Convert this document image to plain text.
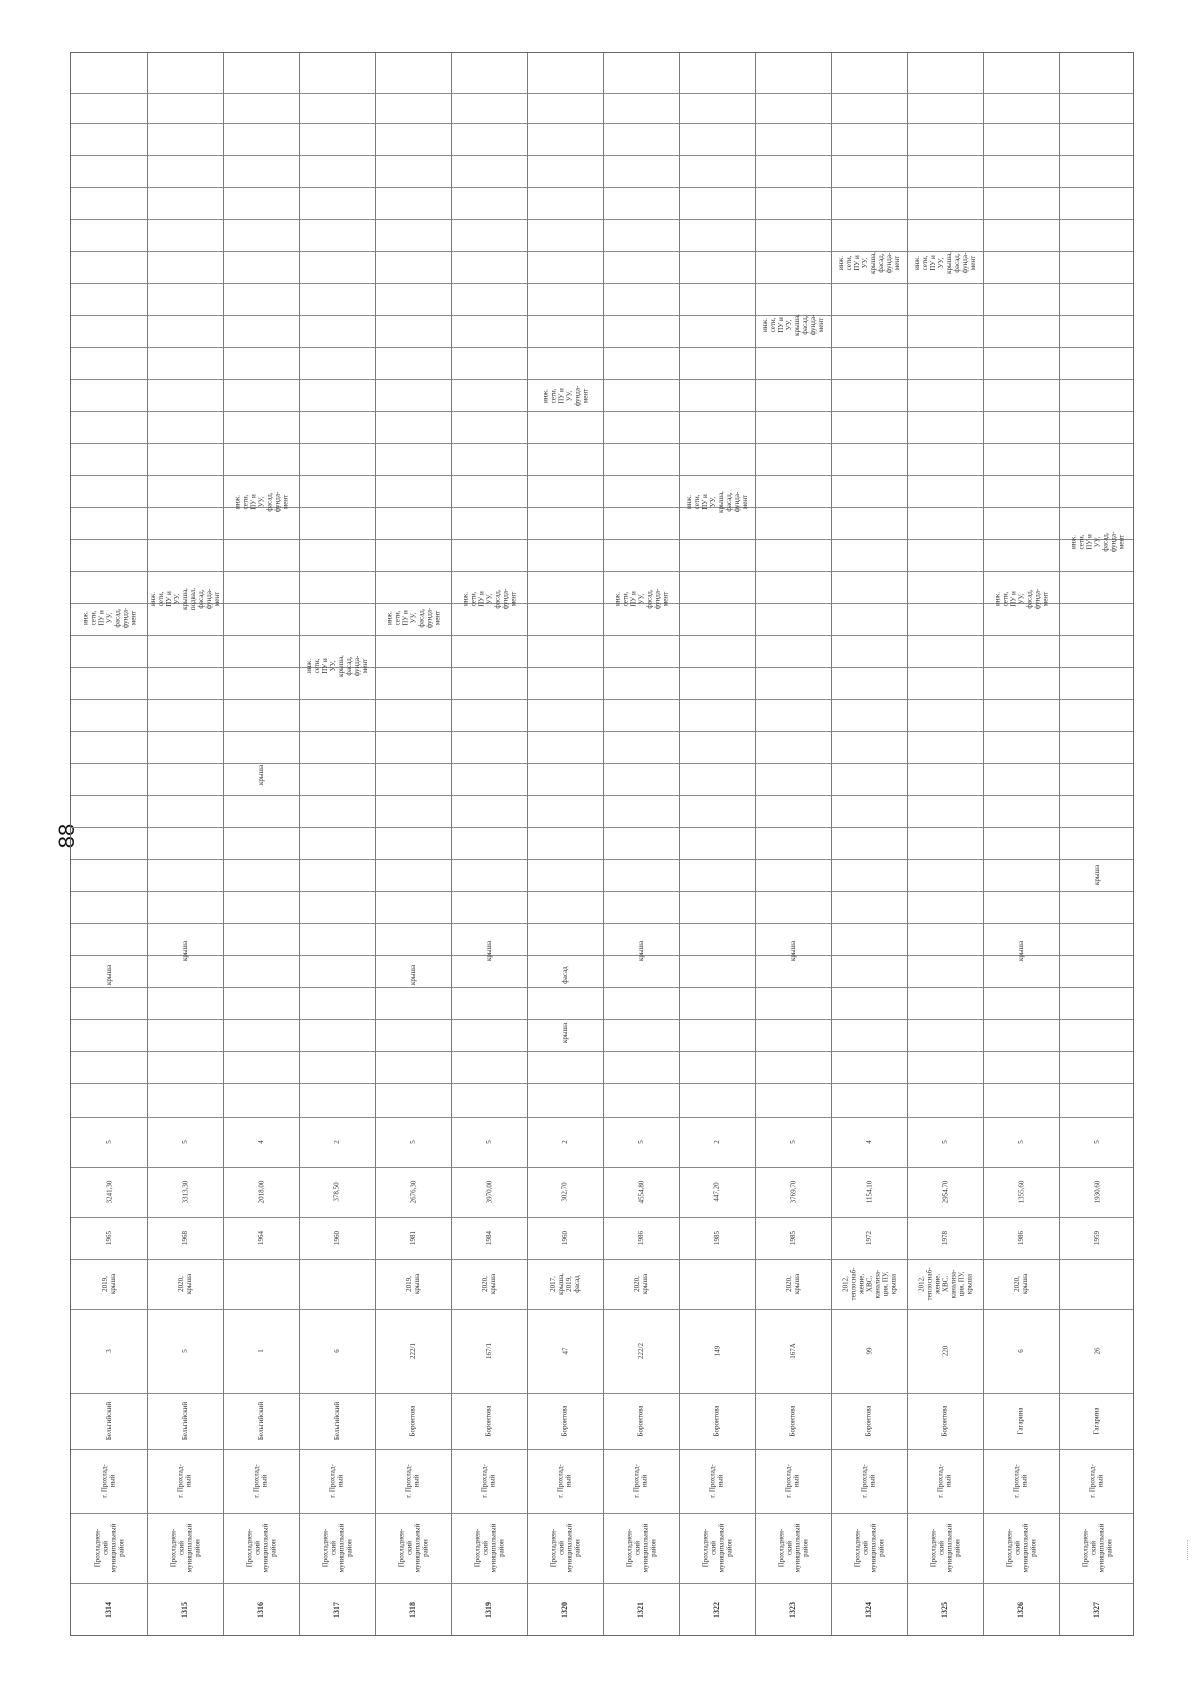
88
1314
Прохладнен-
ский
муниципальный
район
г. Прохлад-
ный
Бельгийский
3
2019,
крыша
1965
3241,30
5
крыша
инж.
сети,
ПУ и
УУ,
фасад,
фунда-
мент
1315
Прохладнен-
ский
муниципальный
район
г. Прохлад-
ный
Бельгийский
5
2020,
крыша
1968
3313,30
5
крыша
инж.
сети,
ПУ и
УУ,
крыша,
подвал,
фасад,
фунда-
мент
1316
Прохладнен-
ский
муниципальный
район
г. Прохлад-
ный
Бельгийский
1
1964
2018,00
4
крыша
инж.
сети,
ПУ и
УУ,
фасад,
фунда-
мент
1317
Прохладнен-
ский
муниципальный
район
г. Прохлад-
ный
Бельгийский
6
1960
378,50
2
инж.
сети,
ПУ и
УУ,
крыша,
фасад,
фунда-
мент
1318
Прохладнен-
ский
муниципальный
район
г. Прохлад-
ный
Боронтова
222/1
2019,
крыша
1981
2676,30
5
крыша
инж.
сети,
ПУ и
УУ,
фасад,
фунда-
мент
1319
Прохладнен-
ский
муниципальный
район
г. Прохлад-
ный
Боронтова
167/1
2020,
крыша
1984
3970,00
5
крыша
инж.
сети,
ПУ и
УУ,
фасад,
фунда-
мент
1320
Прохладнен-
ский
муниципальный
район
г. Прохлад-
ный
Боронтова
47
2017,
крыша,
2019,
фасад
1960
302,70
2
крыша
фасад
инж.
сети,
ПУ и
УУ,
фунда-
мент
1321
Прохладнен-
ский
муниципальный
район
г. Прохлад-
ный
Боронтова
222/2
2020,
крыша
1986
4554,80
5
крыша
инж.
сети,
ПУ и
УУ,
фасад,
фунда-
мент
1322
Прохладнен-
ский
муниципальный
район
г. Прохлад-
ный
Боронтова
149
1985
447,20
2
инж.
сети,
ПУ и
УУ,
крыша,
фасад,
фунда-
мент
1323
Прохладнен-
ский
муниципальный
район
г. Прохлад-
ный
Боронтова
167А
2020,
крыша
1985
3769,70
5
крыша
инж.
сети,
ПУ и
УУ,
крыша,
фасад,
фунда-
мент
1324
Прохладнен-
ский
муниципальный
район
г. Прохлад-
ный
Боронтова
99
2012,
теплоснаб-
жение,
ХВС,
канализа-
ция, ПУ,
крыша
1972
1154,10
4
инж.
сети,
ПУ и
УУ,
крыша,
фасад,
фунда-
мент
1325
Прохладнен-
ский
муниципальный
район
г. Прохлад-
ный
Боронтова
220
2012,
теплоснаб-
жение,
ХВС,
канализа-
ция, ПУ,
крыша
1978
2954,70
5
инж.
сети,
ПУ и
УУ,
крыша,
фасад,
фунда-
мент
1326
Прохладнен-
ский
муниципальный
район
г. Прохлад-
ный
Гагарина
6
2020,
крыша
1986
1355,60
5
крыша
инж.
сети,
ПУ и
УУ,
фасад,
фунда-
мент
1327
Прохладнен-
ский
муниципальный
район
г. Прохлад-
ный
Гагарина
26
1959
1930,60
5
крыша
инж.
сети,
ПУ и
УУ,
фасад,
фунда-
мент
